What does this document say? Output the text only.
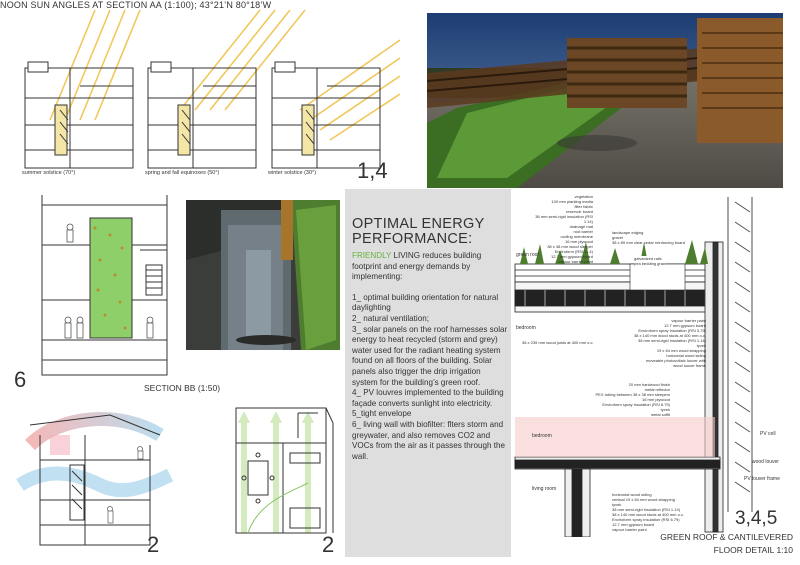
NOON SUN ANGLES AT SECTION AA (1:100); 43°21’N 80°18’W
summer solstice (70°)	spring and fall equinoxes (50°)	winter solstice (30°) 1,4
6	SECTION BB (1:50)
OPTIMAL ENERGY
PERFORMANCE:

FRIENDLY LIVING reduces building footprint and energy demands by implementing:

1_ optimal building orientation for natural daylighting

2_ natural ventilation;

3_ solar panels on the roof harnesses solar energy to heat recycled (storm and grey) water used for the radiant heating system found on all floors of the building. Solar panels also trigger the drip irrigation system for the building’s green roof.

4_ PV louvres implemented to the building façade converts sunlight into electricity.

5_tight envelope

6_ living wall with biofilter: flters storm and greywater, and also removes CO2 and VOCs from the air as it passes through the wall.

2	2
vegetation
100 mm planting media
filter fabric
reservoir board
38 mm semi-rigid insulation (RSI 1.14)
drainage mat
root barrier
roofing membrane
16 mm plywood
38 x 38 mm wood sleeper
Enviroform (RSI 11.4)
12.7 mm gypsum board
vapour barrier paint
landscape edging
gravel
38 x 89 mm clear cedar reinforcing board
galvanized rails
pea bedding gravel
green roof
bedroom
38 x 235 mm wood joists at 400 mm o.c.
vapour barrier paint
12.7 mm gypsum board
Enviroform spray insulation (RSI 3.79)
38 x 140 mm wood studs at 400 mm o.c.
38 mm semi-rigid insulation (RSI 1.14)
tyvek
19 x 64 mm wood strapping
horizontal wood siding
moveable photovoltaic louver with
wood louver frame
20 mm hardwood finish
metal reflector
PEX tubing between 38 x 38 mm sleepers
16 mm plywood
Enviroform spray insulation (RSI 6.79)
tyvek
metal soffit
bedroom
living room
PV cell
wood louver
PV louver frame
horizontal wood siding
vertical 19 x 64 mm wood strapping
tyvek
38 mm semi-rigid insulation (RSI 1.14)
38 x 140 mm wood studs at 400 mm o.c.
Enviroform spray insulation (RSI 6.79)
12.7 mm gypsum board
vapour barrier paint
3,4,5
GREEN ROOF & CANTILEVERED
FLOOR DETAIL 1:10
